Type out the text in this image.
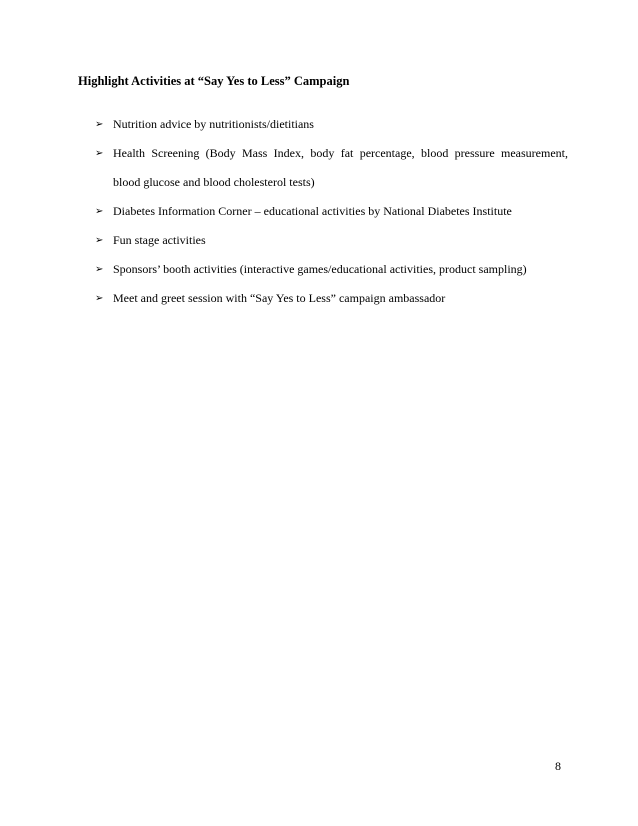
Highlight Activities at “Say Yes to Less” Campaign
➢ Nutrition advice by nutritionists/dietitians
➢ Health Screening (Body Mass Index, body fat percentage, blood pressure measurement,
blood glucose and blood cholesterol tests)
➢ Diabetes Information Corner – educational activities by National Diabetes Institute
➢ Fun stage activities
➢ Sponsors’ booth activities (interactive games/educational activities, product sampling)
➢ Meet and greet session with “Say Yes to Less” campaign ambassador
8
